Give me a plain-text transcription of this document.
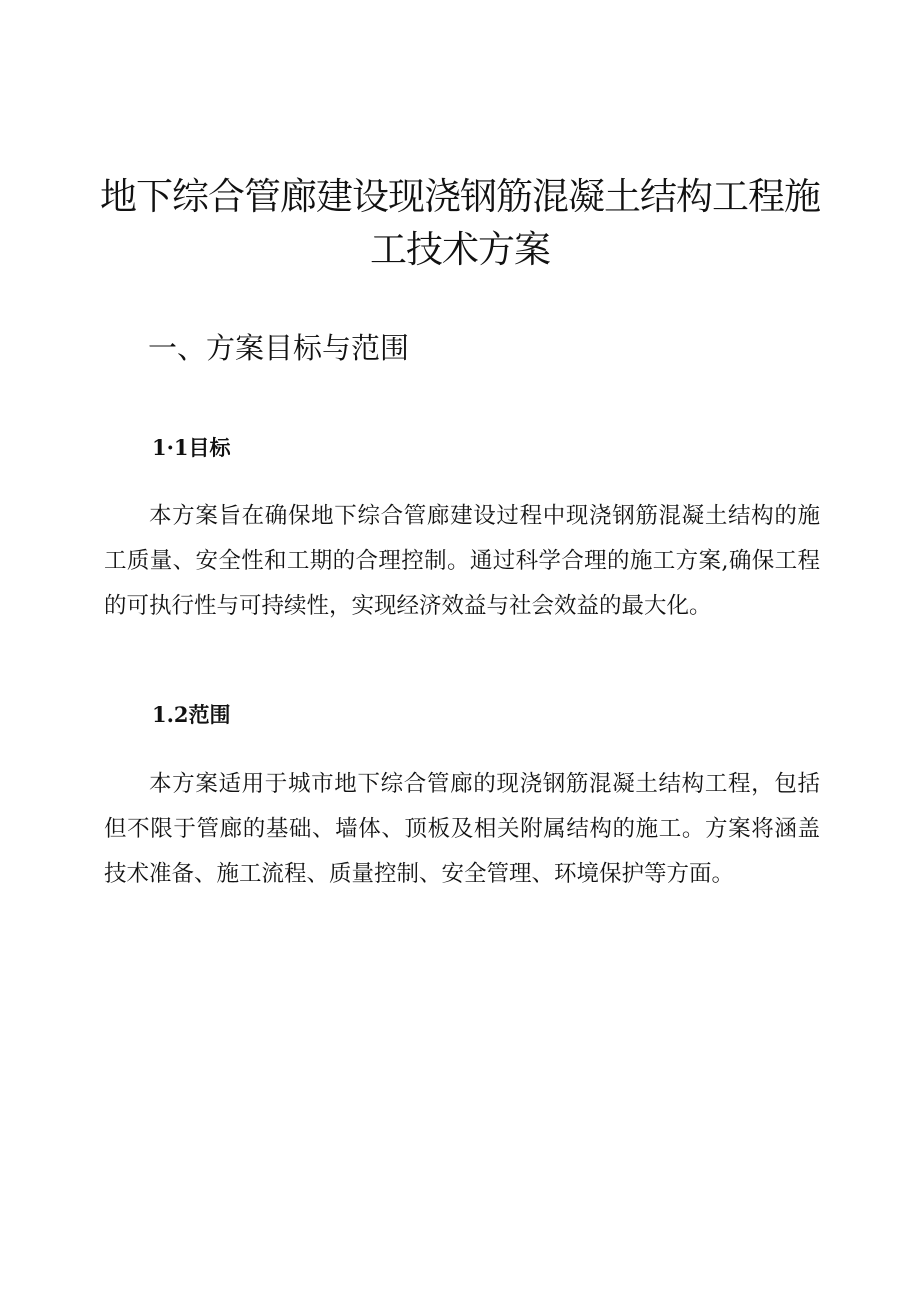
地下综合管廊建设现浇钢筋混凝土结构工程施工技术方案
一、方案目标与范围
1·1目标

本方案旨在确保地下综合管廊建设过程中现浇钢筋混凝土结构的施工质量、安全性和工期的合理控制。通过科学合理的施工方案,确保工程的可执行性与可持续性，实现经济效益与社会效益的最大化。

1.2范围

本方案适用于城市地下综合管廊的现浇钢筋混凝土结构工程，包括但不限于管廊的基础、墙体、顶板及相关附属结构的施工。方案将涵盖技术准备、施工流程、质量控制、安全管理、环境保护等方面。
